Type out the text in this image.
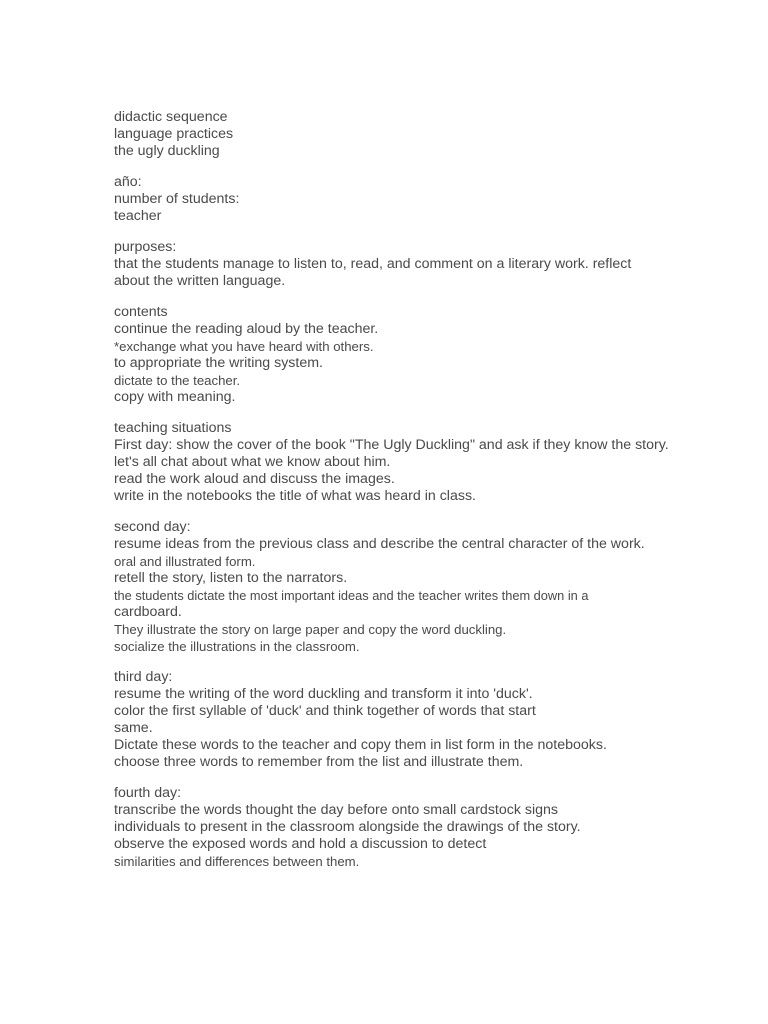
didactic sequence
language practices
the ugly duckling
año:
number of students:
teacher
purposes:
that the students manage to listen to, read, and comment on a literary work. reflect
about the written language.
contents
continue the reading aloud by the teacher.
*exchange what you have heard with others.
to appropriate the writing system.
dictate to the teacher.
copy with meaning.
teaching situations
First day: show the cover of the book "The Ugly Duckling" and ask if they know the story.
let's all chat about what we know about him.
read the work aloud and discuss the images.
write in the notebooks the title of what was heard in class.
second day:
resume ideas from the previous class and describe the central character of the work.
oral and illustrated form.
retell the story, listen to the narrators.
the students dictate the most important ideas and the teacher writes them down in a
cardboard.
They illustrate the story on large paper and copy the word duckling.
socialize the illustrations in the classroom.
third day:
resume the writing of the word duckling and transform it into 'duck'.
color the first syllable of 'duck' and think together of words that start
same.
Dictate these words to the teacher and copy them in list form in the notebooks.
choose three words to remember from the list and illustrate them.
fourth day:
transcribe the words thought the day before onto small cardstock signs
individuals to present in the classroom alongside the drawings of the story.
observe the exposed words and hold a discussion to detect
similarities and differences between them.
